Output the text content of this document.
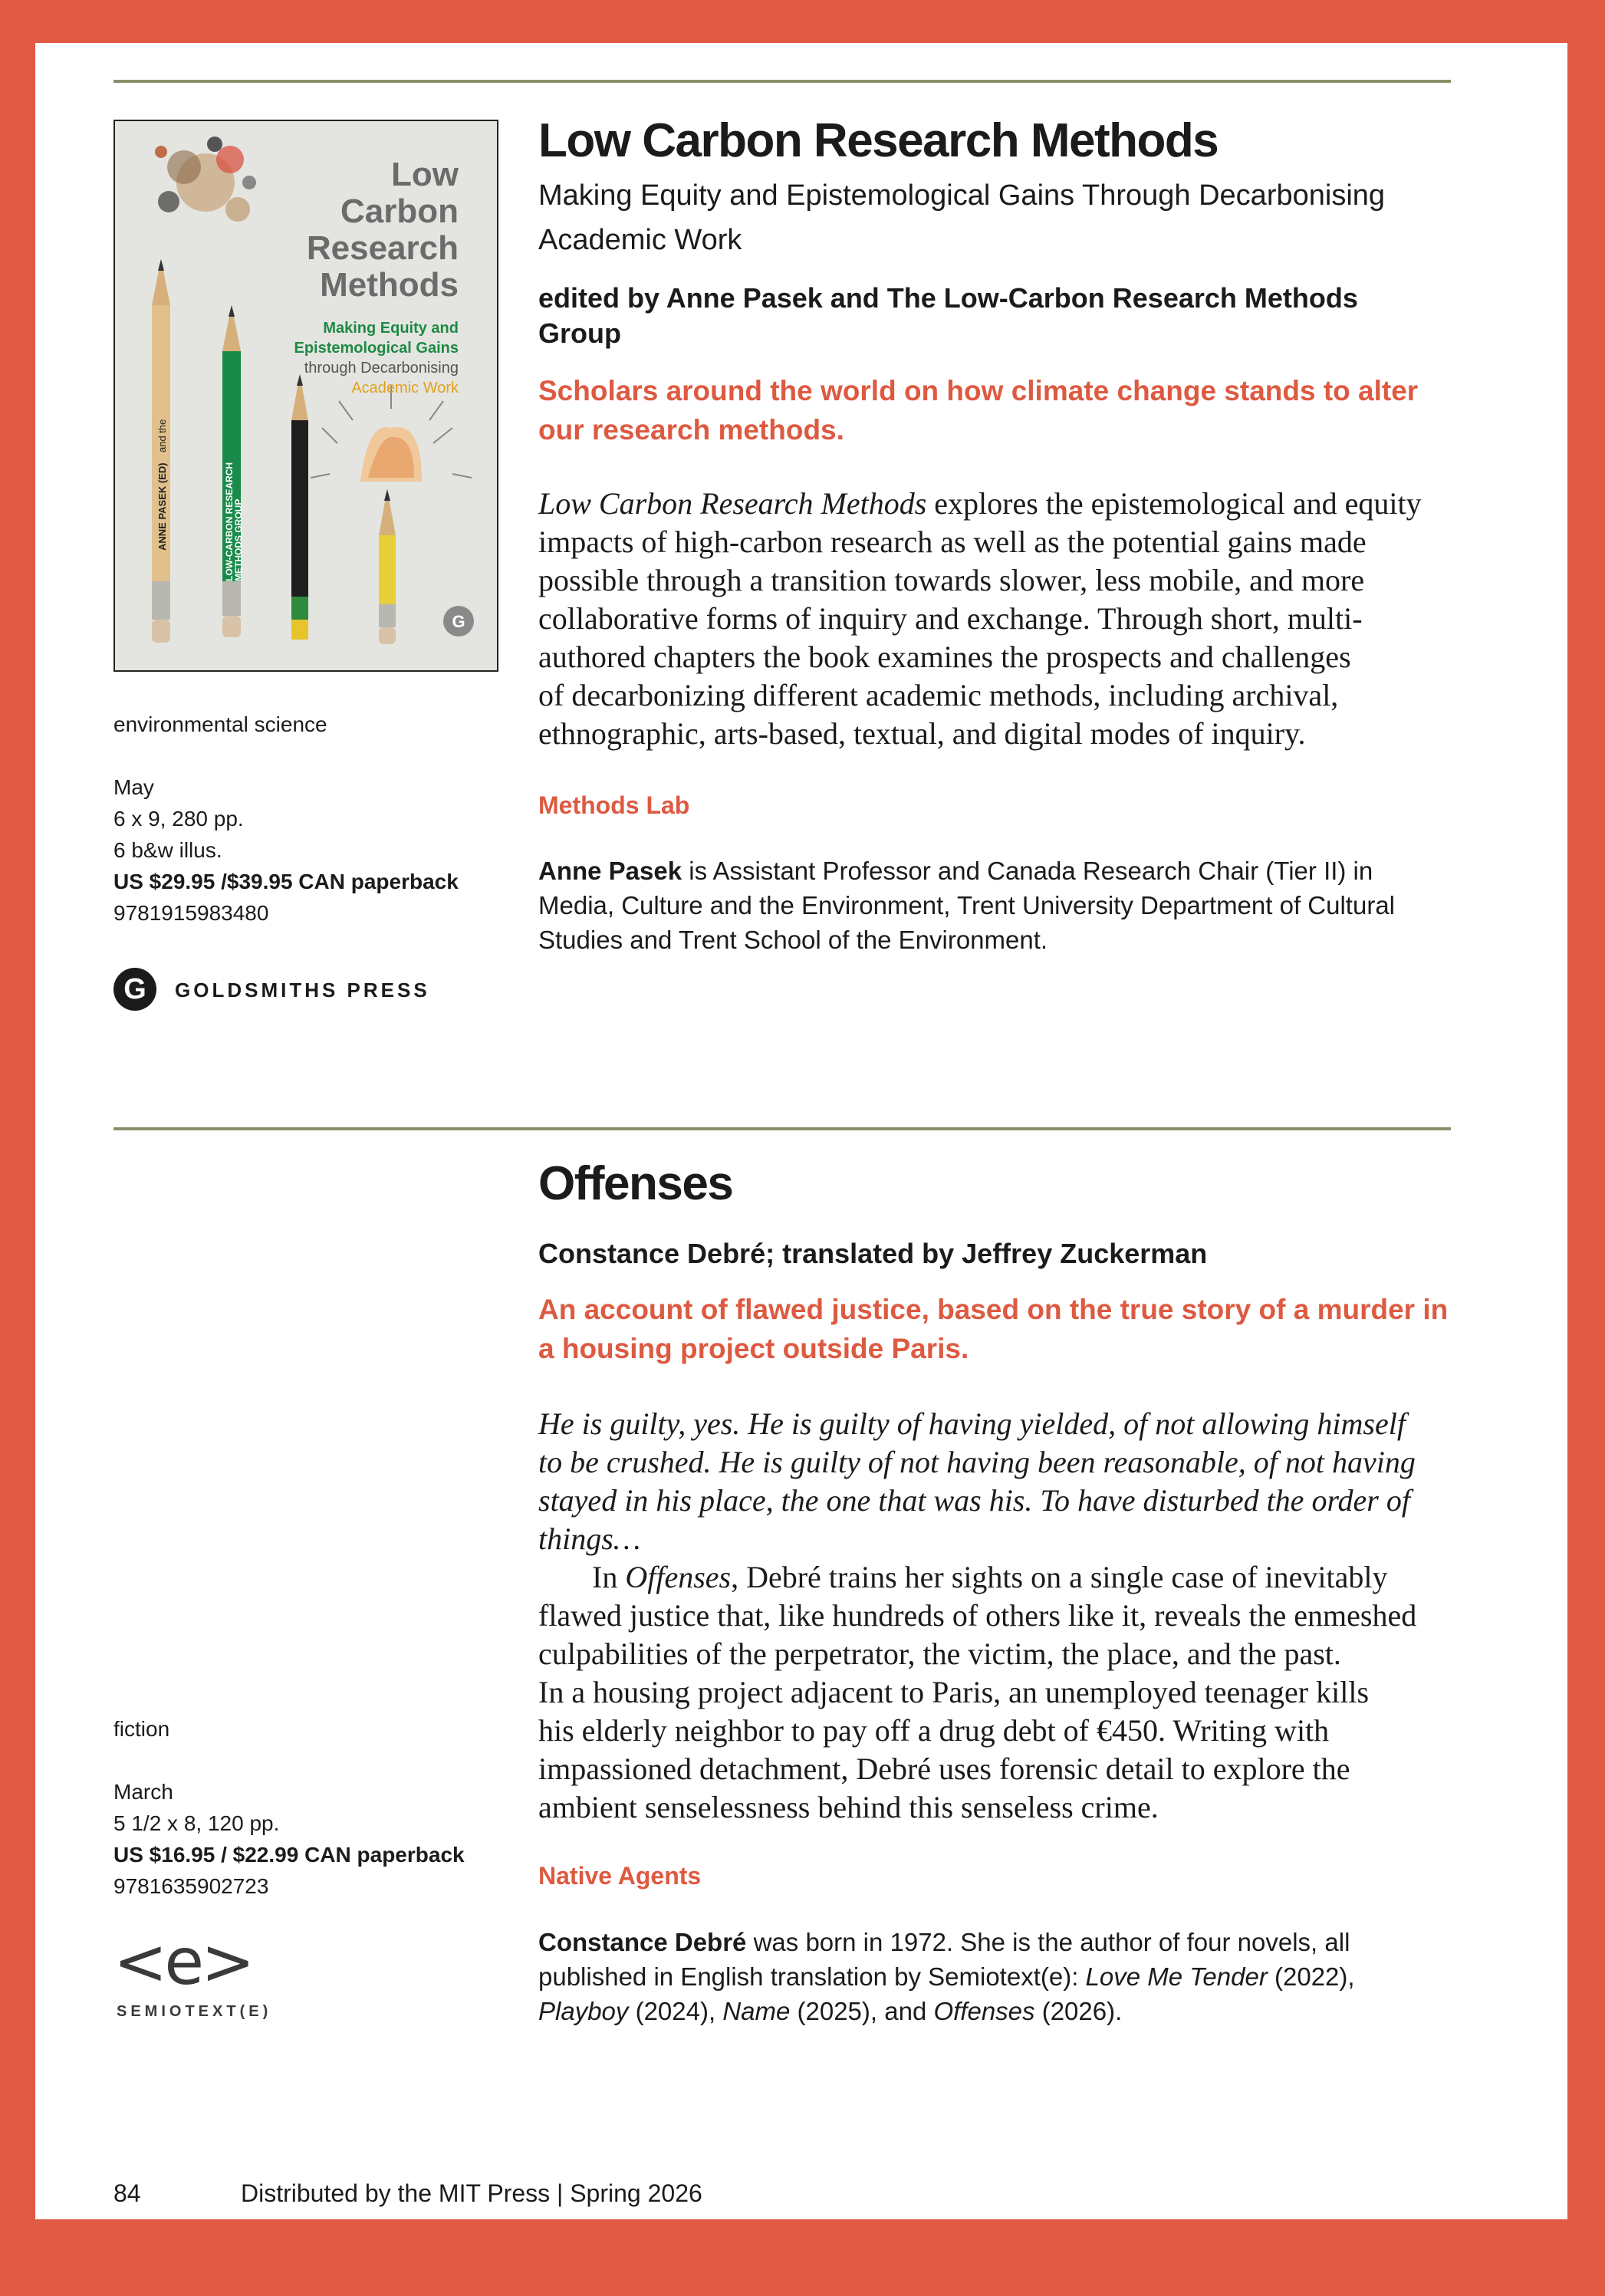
ANNE PASEK (ED)
and the
LOW-CARBON RESEARCH
METHODS GROUP
Low
Carbon
Research
Methods
Making Equity and
Epistemological Gains
through Decarbonising
Academic Work
G
Low Carbon Research Methods
Making Equity and Epistemological Gains Through Decarbonising
Academic Work
edited by Anne Pasek and The Low-Carbon Research Methods
Group
Scholars around the world on how climate change stands to alter
our research methods.
Low Carbon Research Methods explores the epistemological and equity
impacts of high-carbon research as well as the potential gains made
possible through a transition towards slower, less mobile, and more
collaborative forms of inquiry and exchange. Through short, multi-
authored chapters the book examines the prospects and challenges
of decarbonizing different academic methods, including archival,
ethnographic, arts-based, textual, and digital modes of inquiry.
Methods Lab
Anne Pasek is Assistant Professor and Canada Research Chair (Tier II) in
Media, Culture and the Environment, Trent University Department of Cultural
Studies and Trent School of the Environment.
environmental science
May
6 x 9, 280 pp.
6 b&w illus.
US $29.95 /$39.95 CAN paperback
9781915983480
G	GOLDSMITHS PRESS
Offenses
Constance Debré; translated by Jeffrey Zuckerman
An account of flawed justice, based on the true story of a murder in
a housing project outside Paris.
He is guilty, yes. He is guilty of having yielded, of not allowing himself
to be crushed. He is guilty of not having been reasonable, of not having
stayed in his place, the one that was his. To have disturbed the order of
things…
In Offenses, Debré trains her sights on a single case of inevitably
flawed justice that, like hundreds of others like it, reveals the enmeshed
culpabilities of the perpetrator, the victim, the place, and the past.
In a housing project adjacent to Paris, an unemployed teenager kills
his elderly neighbor to pay off a drug debt of €450. Writing with
impassioned detachment, Debré uses forensic detail to explore the
ambient senselessness behind this senseless crime.
Native Agents
Constance Debré was born in 1972. She is the author of four novels, all
published in English translation by Semiotext(e): Love Me Tender (2022),
Playboy (2024), Name (2025), and Offenses (2026).
fiction
March
5 1/2 x 8, 120 pp.
US $16.95 / $22.99 CAN paperback
9781635902723
<e>
SEMIOTEXT(E)
84	Distributed by the MIT Press | Spring 2026
